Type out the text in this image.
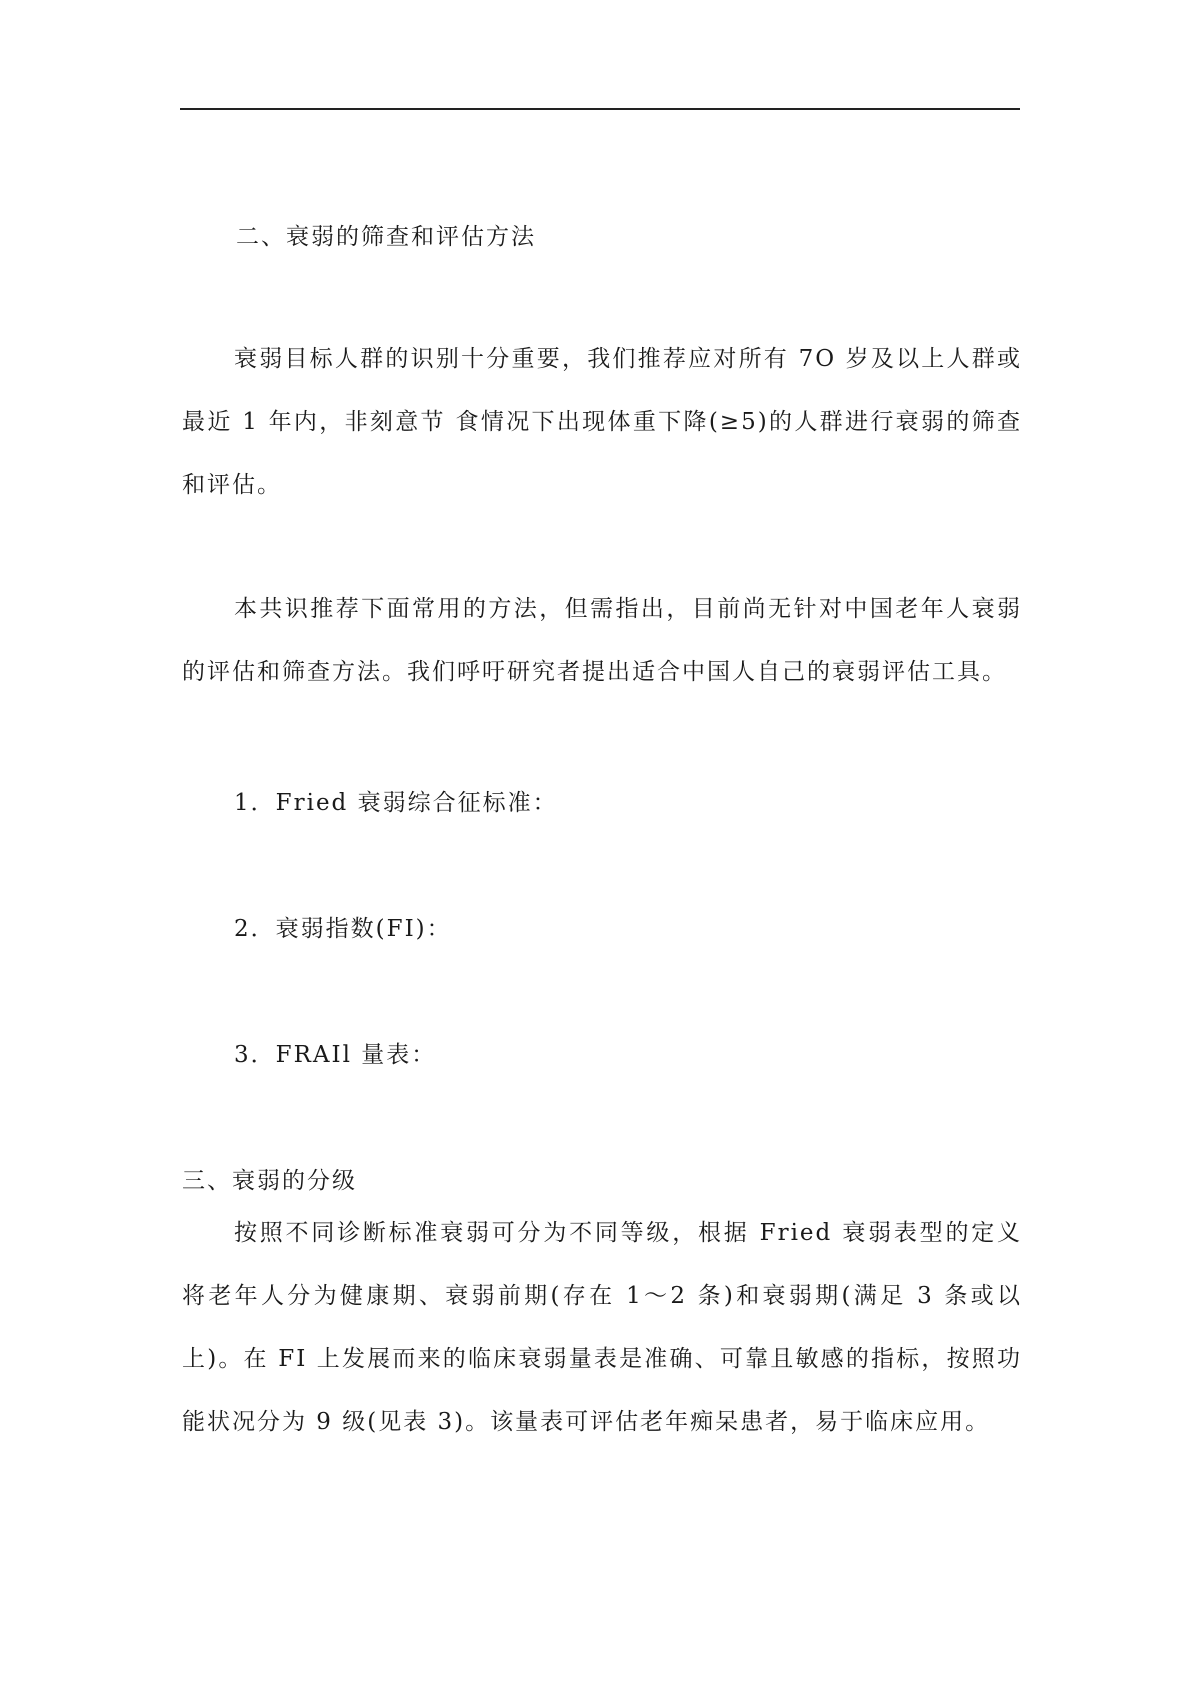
二、衰弱的筛查和评估方法
衰弱目标人群的识别十分重要，我们推荐应对所有 7O 岁及以上人群或最近 1 年内，非刻意节 食情况下出现体重下降(≥5)的人群进行衰弱的筛查和评估。
本共识推荐下面常用的方法，但需指出，目前尚无针对中国老年人衰弱的评估和筛查方法。我们呼吁研究者提出适合中国人自己的衰弱评估工具。
1．Fried 衰弱综合征标准：
2．衰弱指数(FI)：
3．FRAIl 量表：
三、衰弱的分级
按照不同诊断标准衰弱可分为不同等级，根据 Fried 衰弱表型的定义将老年人分为健康期、衰弱前期(存在 1～2 条)和衰弱期(满足 3 条或以上)。在 FI 上发展而来的临床衰弱量表是准确、可靠且敏感的指标，按照功能状况分为 9 级(见表 3)。该量表可评估老年痴呆患者，易于临床应用。
